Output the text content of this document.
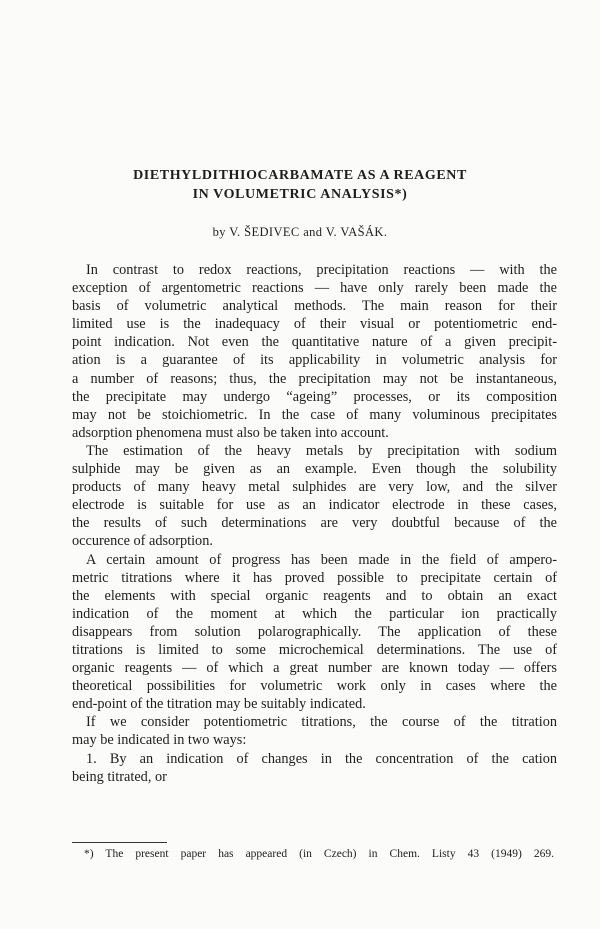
DIETHYLDITHIOCARBAMATE AS A REAGENT
IN VOLUMETRIC ANALYSIS*)
by V. ŠEDIVEC and V. VAŠÁK.
In contrast to redox reactions, precipitation reactions — with the
exception of argentometric reactions — have only rarely been made the
basis of volumetric analytical methods. The main reason for their
limited use is the inadequacy of their visual or potentiometric end-
point indication. Not even the quantitative nature of a given precipit-
ation is a guarantee of its applicability in volumetric analysis for
a number of reasons; thus, the precipitation may not be instantaneous,
the precipitate may undergo “ageing” processes, or its composition
may not be stoichiometric. In the case of many voluminous precipitates
adsorption phenomena must also be taken into account.
The estimation of the heavy metals by precipitation with sodium
sulphide may be given as an example. Even though the solubility
products of many heavy metal sulphides are very low, and the silver
electrode is suitable for use as an indicator electrode in these cases,
the results of such determinations are very doubtful because of the
occurence of adsorption.
A certain amount of progress has been made in the field of ampero-
metric titrations where it has proved possible to precipitate certain of
the elements with special organic reagents and to obtain an exact
indication of the moment at which the particular ion practically
disappears from solution polarographically. The application of these
titrations is limited to some microchemical determinations. The use of
organic reagents — of which a great number are known today — offers
theoretical possibilities for volumetric work only in cases where the
end-point of the titration may be suitably indicated.
If we consider potentiometric titrations, the course of the titration
may be indicated in two ways:
1. By an indication of changes in the concentration of the cation
being titrated, or
*) The present paper has appeared (in Czech) in Chem. Listy 43 (1949) 269.
